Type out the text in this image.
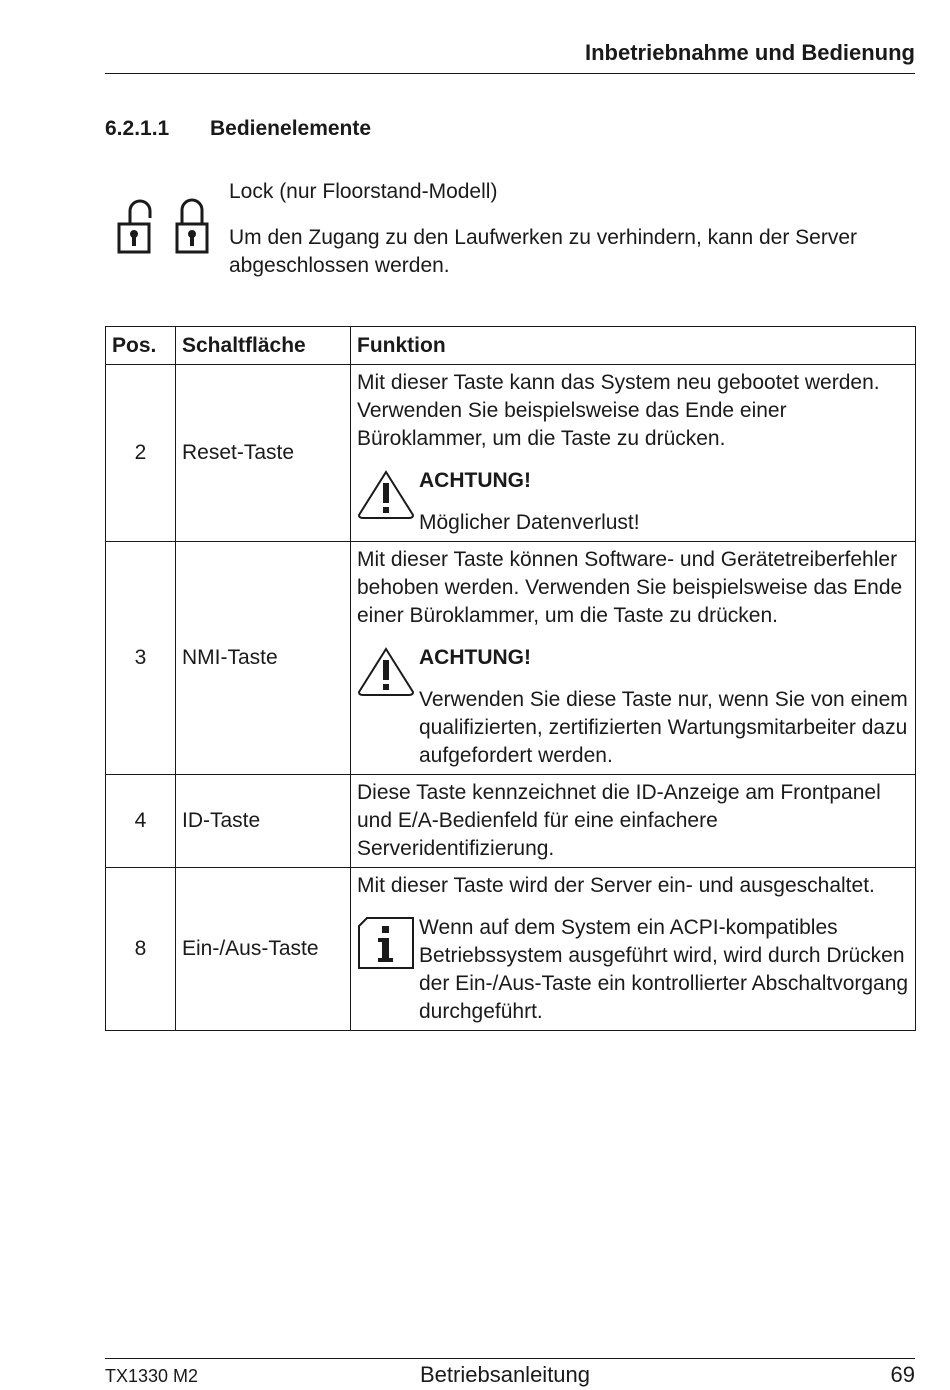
Inbetriebnahme und Bedienung
6.2.1.1 Bedienelemente
Lock (nur Floorstand-Modell)
Um den Zugang zu den Laufwerken zu verhindern, kann der Server abgeschlossen werden.
Pos.	Schaltfläche	Funktion
2	Reset-Taste	Mit dieser Taste kann das System neu gebootet werden. Verwenden Sie beispielsweise das Ende einer Büroklammer, um die Taste zu drücken.
ACHTUNG!
Möglicher Datenverlust!

3	NMI-Taste	Mit dieser Taste können Software- und Gerätetreiberfehler behoben werden. Verwenden Sie beispielsweise das Ende einer Büroklammer, um die Taste zu drücken.
ACHTUNG!
Verwenden Sie diese Taste nur, wenn Sie von einem qualifizierten, zertifizierten Wartungsmitarbeiter dazu aufgefordert werden.

4	ID-Taste	Diese Taste kennzeichnet die ID-Anzeige am Frontpanel und E/A-Bedienfeld für eine einfachere Serveridentifizierung.

8	Ein-/Aus-Taste	Mit dieser Taste wird der Server ein- und ausgeschaltet.
Wenn auf dem System ein ACPI-kompatibles Betriebssystem ausgeführt wird, wird durch Drücken der Ein-/Aus-Taste ein kontrollierter Abschaltvorgang durchgeführt.
TX1330 M2	Betriebsanleitung	69
